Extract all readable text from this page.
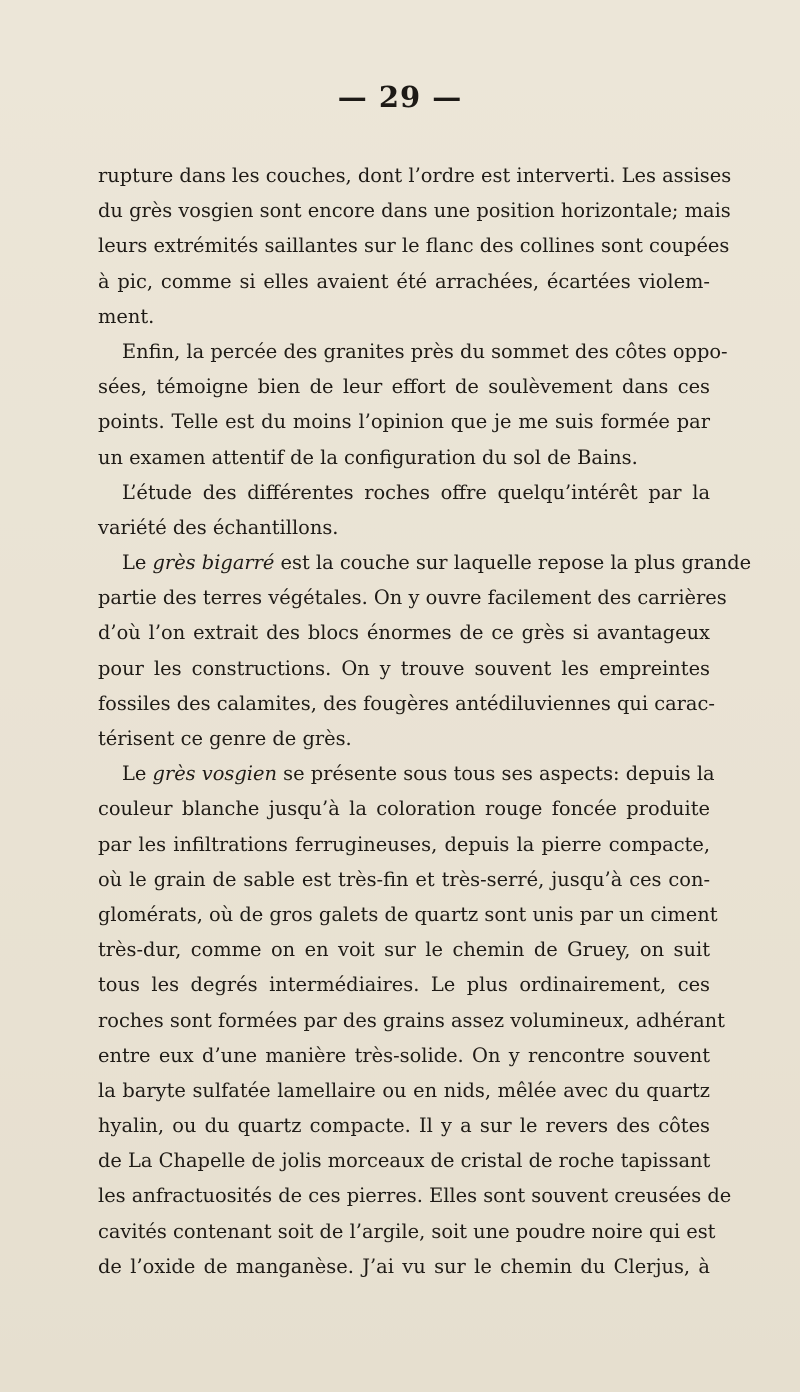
— 29 —
rupture dans les couches, dont l’ordre est interverti. Les assises
du grès vosgien sont encore dans une position horizontale; mais
leurs extrémités saillantes sur le flanc des collines sont coupées
à pic, comme si elles avaient été arrachées, écartées violem-
ment.
Enfin, la percée des granites près du sommet des côtes oppo-
sées, témoigne bien de leur effort de soulèvement dans ces
points. Telle est du moins l’opinion que je me suis formée par
un examen attentif de la configuration du sol de Bains.
L’étude des différentes roches offre quelqu’intérêt par la
variété des échantillons.
Le grès bigarré est la couche sur laquelle repose la plus grande
partie des terres végétales. On y ouvre facilement des carrières
d’où l’on extrait des blocs énormes de ce grès si avantageux
pour les constructions. On y trouve souvent les empreintes
fossiles des calamites, des fougères antédiluviennes qui carac-
térisent ce genre de grès.
Le grès vosgien se présente sous tous ses aspects: depuis la
couleur blanche jusqu’à la coloration rouge foncée produite
par les infiltrations ferrugineuses, depuis la pierre compacte,
où le grain de sable est très-fin et très-serré, jusqu’à ces con-
glomérats, où de gros galets de quartz sont unis par un ciment
très-dur, comme on en voit sur le chemin de Gruey, on suit
tous les degrés intermédiaires. Le plus ordinairement, ces
roches sont formées par des grains assez volumineux, adhérant
entre eux d’une manière très-solide. On y rencontre souvent
la baryte sulfatée lamellaire ou en nids, mêlée avec du quartz
hyalin, ou du quartz compacte. Il y a sur le revers des côtes
de La Chapelle de jolis morceaux de cristal de roche tapissant
les anfractuosités de ces pierres. Elles sont souvent creusées de
cavités contenant soit de l’argile, soit une poudre noire qui est
de l’oxide de manganèse. J’ai vu sur le chemin du Clerjus, à
